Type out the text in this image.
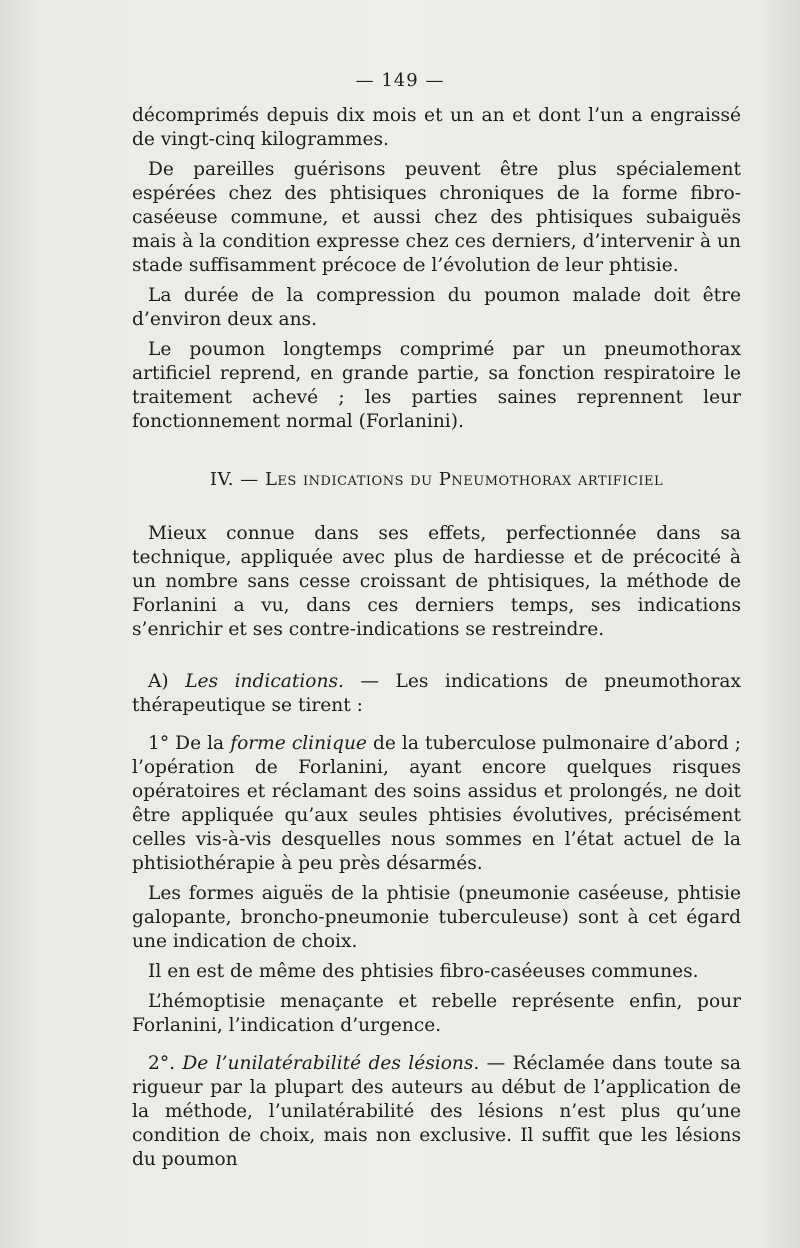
— 149 —

décomprimés depuis dix mois et un an et dont l’un a engraissé de vingt-cinq kilogrammes.

De pareilles guérisons peuvent être plus spécialement espérées chez des phtisiques chroniques de la forme fibro-caséeuse commune, et aussi chez des phtisiques subaiguës mais à la condition expresse chez ces derniers, d’intervenir à un stade suffisamment précoce de l’évolution de leur phtisie.

La durée de la compression du poumon malade doit être d’environ deux ans.

Le poumon longtemps comprimé par un pneumothorax artificiel reprend, en grande partie, sa fonction respiratoire le traitement achevé ; les parties saines reprennent leur fonctionnement normal (Forlanini).

IV. — Les indications du Pneumothorax artificiel

Mieux connue dans ses effets, perfectionnée dans sa technique, appliquée avec plus de hardiesse et de précocité à un nombre sans cesse croissant de phtisiques, la méthode de Forlanini a vu, dans ces derniers temps, ses indications s’enrichir et ses contre-indications se restreindre.

A) Les indications. — Les indications de pneumothorax thérapeutique se tirent :

1° De la forme clinique de la tuberculose pulmonaire d’abord ; l’opération de Forlanini, ayant encore quelques risques opératoires et réclamant des soins assidus et prolongés, ne doit être appliquée qu’aux seules phtisies évolutives, précisément celles vis-à-vis desquelles nous sommes en l’état actuel de la phtisiothérapie à peu près désarmés.

Les formes aiguës de la phtisie (pneumonie caséeuse, phtisie galopante, broncho-pneumonie tuberculeuse) sont à cet égard une indication de choix.

Il en est de même des phtisies fibro-caséeuses communes.

L’hémoptisie menaçante et rebelle représente enfin, pour Forlanini, l’indication d’urgence.

2°. De l’unilatérabilité des lésions. — Réclamée dans toute sa rigueur par la plupart des auteurs au début de l’application de la méthode, l’unilatérabilité des lésions n’est plus qu’une condition de choix, mais non exclusive. Il suffit que les lésions du poumon
